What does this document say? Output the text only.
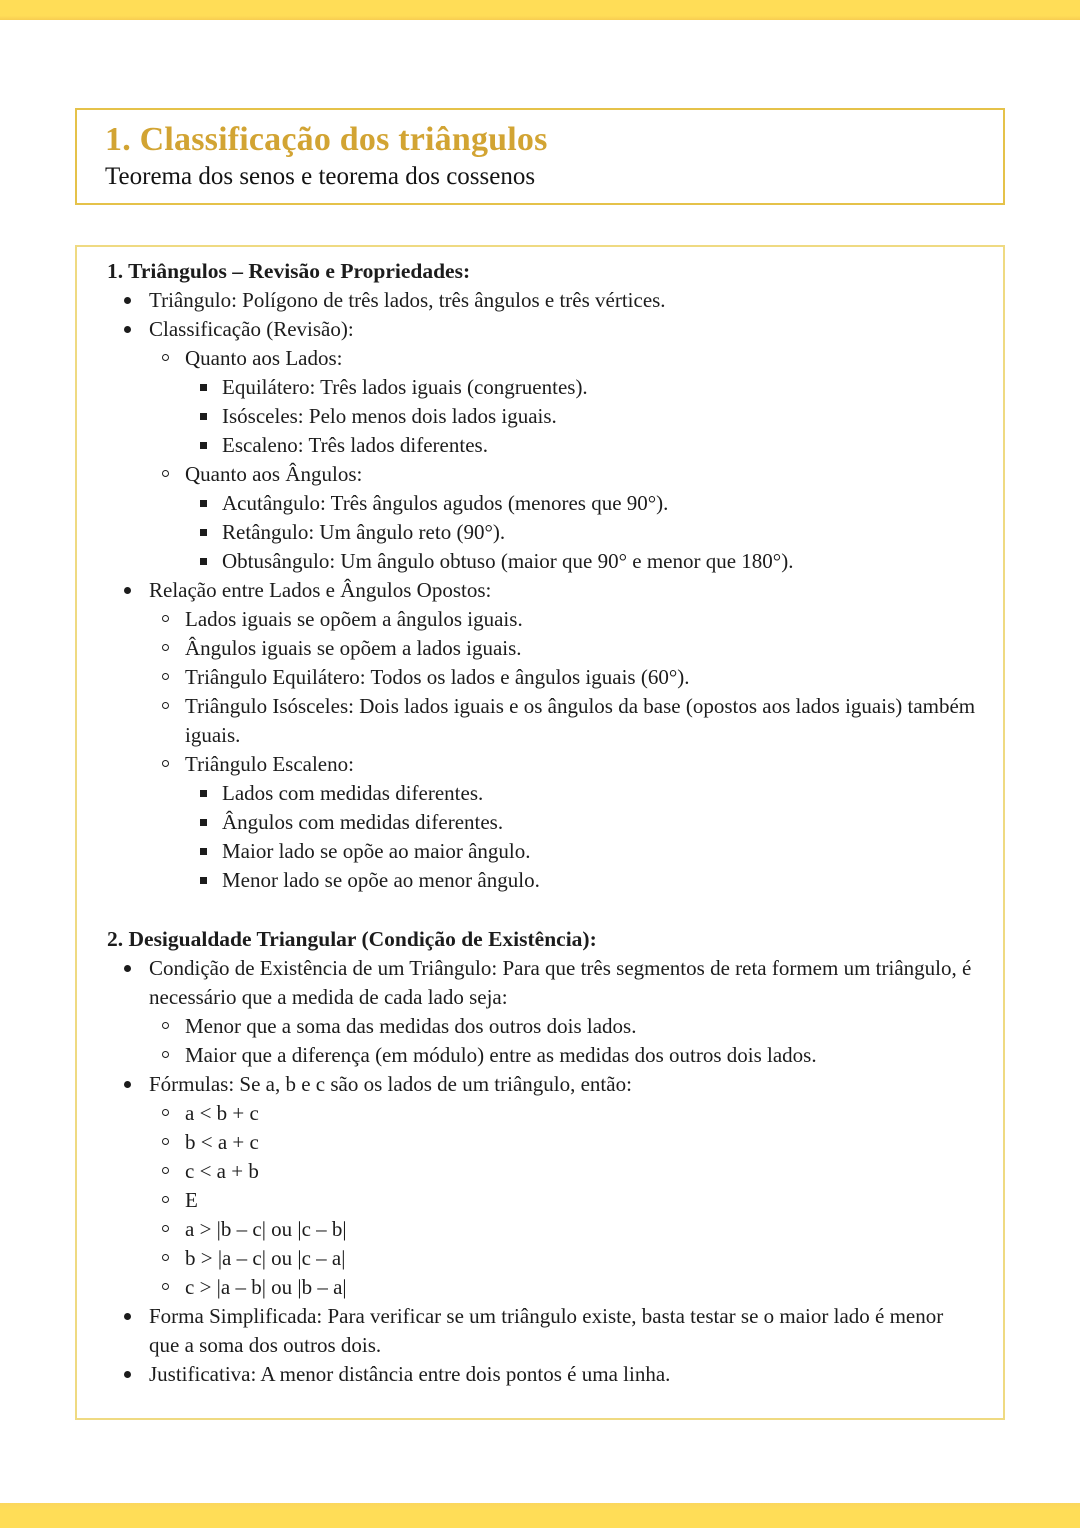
1. Classificação dos triângulos
Teorema dos senos e teorema dos cossenos
1. Triângulos – Revisão e Propriedades:
Triângulo: Polígono de três lados, três ângulos e três vértices.
Classificação (Revisão):
Quanto aos Lados:
Equilátero: Três lados iguais (congruentes).
Isósceles: Pelo menos dois lados iguais.
Escaleno: Três lados diferentes.
Quanto aos Ângulos:
Acutângulo: Três ângulos agudos (menores que 90°).
Retângulo: Um ângulo reto (90°).
Obtusângulo: Um ângulo obtuso (maior que 90° e menor que 180°).
Relação entre Lados e Ângulos Opostos:
Lados iguais se opõem a ângulos iguais.
Ângulos iguais se opõem a lados iguais.
Triângulo Equilátero: Todos os lados e ângulos iguais (60°).
Triângulo Isósceles: Dois lados iguais e os ângulos da base (opostos aos lados iguais) também iguais.
Triângulo Escaleno:
Lados com medidas diferentes.
Ângulos com medidas diferentes.
Maior lado se opõe ao maior ângulo.
Menor lado se opõe ao menor ângulo.
2. Desigualdade Triangular (Condição de Existência):
Condição de Existência de um Triângulo: Para que três segmentos de reta formem um triângulo, é necessário que a medida de cada lado seja:
Menor que a soma das medidas dos outros dois lados.
Maior que a diferença (em módulo) entre as medidas dos outros dois lados.
Fórmulas: Se a, b e c são os lados de um triângulo, então:
a < b + c
b < a + c
c < a + b
E
a > |b – c| ou |c – b|
b > |a – c| ou |c – a|
c > |a – b| ou |b – a|
Forma Simplificada: Para verificar se um triângulo existe, basta testar se o maior lado é menor que a soma dos outros dois.
Justificativa: A menor distância entre dois pontos é uma linha.
